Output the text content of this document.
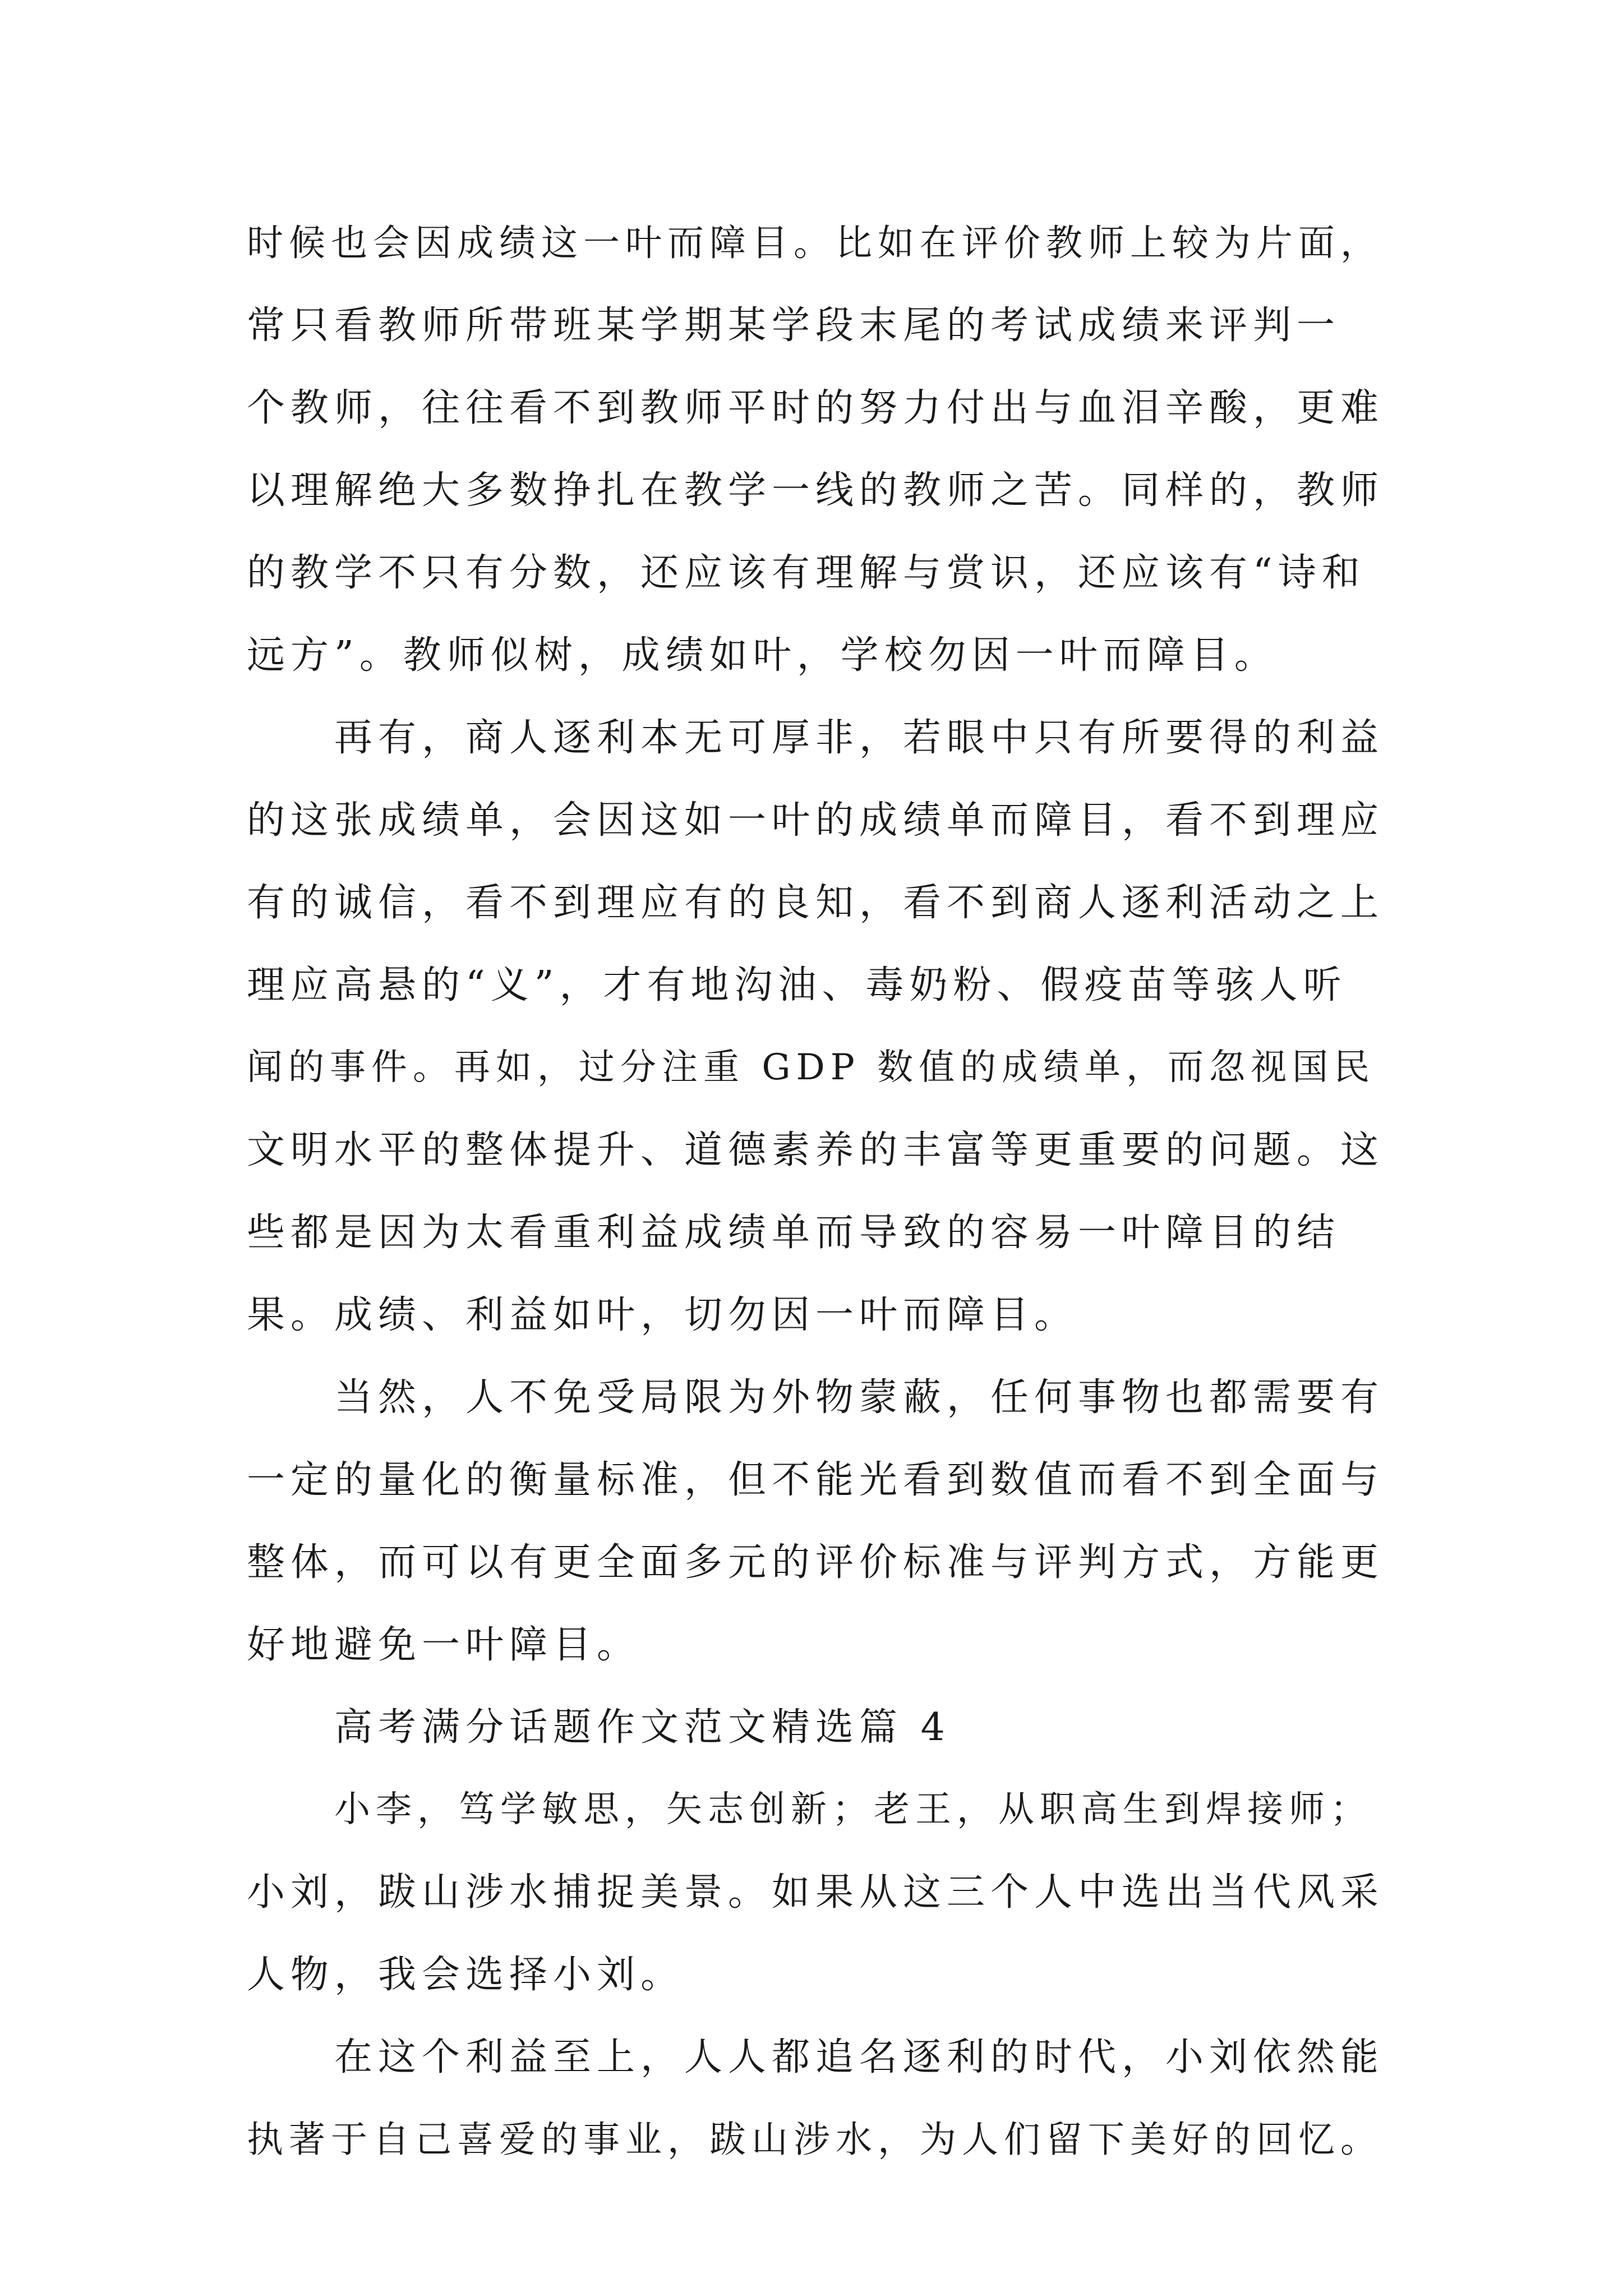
时候也会因成绩这一叶而障目。比如在评价教师上较为片面，
常只看教师所带班某学期某学段末尾的考试成绩来评判一
个教师，往往看不到教师平时的努力付出与血泪辛酸，更难
以理解绝大多数挣扎在教学一线的教师之苦。同样的，教师
的教学不只有分数，还应该有理解与赏识，还应该有“诗和
远方”。教师似树，成绩如叶，学校勿因一叶而障目。
再有，商人逐利本无可厚非，若眼中只有所要得的利益
的这张成绩单，会因这如一叶的成绩单而障目，看不到理应
有的诚信，看不到理应有的良知，看不到商人逐利活动之上
理应高悬的“义”，才有地沟油、毒奶粉、假疫苗等骇人听
闻的事件。再如，过分注重 GDP 数值的成绩单，而忽视国民
文明水平的整体提升、道德素养的丰富等更重要的问题。这
些都是因为太看重利益成绩单而导致的容易一叶障目的结
果。成绩、利益如叶，切勿因一叶而障目。
当然，人不免受局限为外物蒙蔽，任何事物也都需要有
一定的量化的衡量标准，但不能光看到数值而看不到全面与
整体，而可以有更全面多元的评价标准与评判方式，方能更
好地避免一叶障目。
高考满分话题作文范文精选篇 4
小李，笃学敏思，矢志创新；老王，从职高生到焊接师；
小刘，跋山涉水捕捉美景。如果从这三个人中选出当代风采
人物，我会选择小刘。
在这个利益至上，人人都追名逐利的时代，小刘依然能
执著于自己喜爱的事业，跋山涉水，为人们留下美好的回忆。
